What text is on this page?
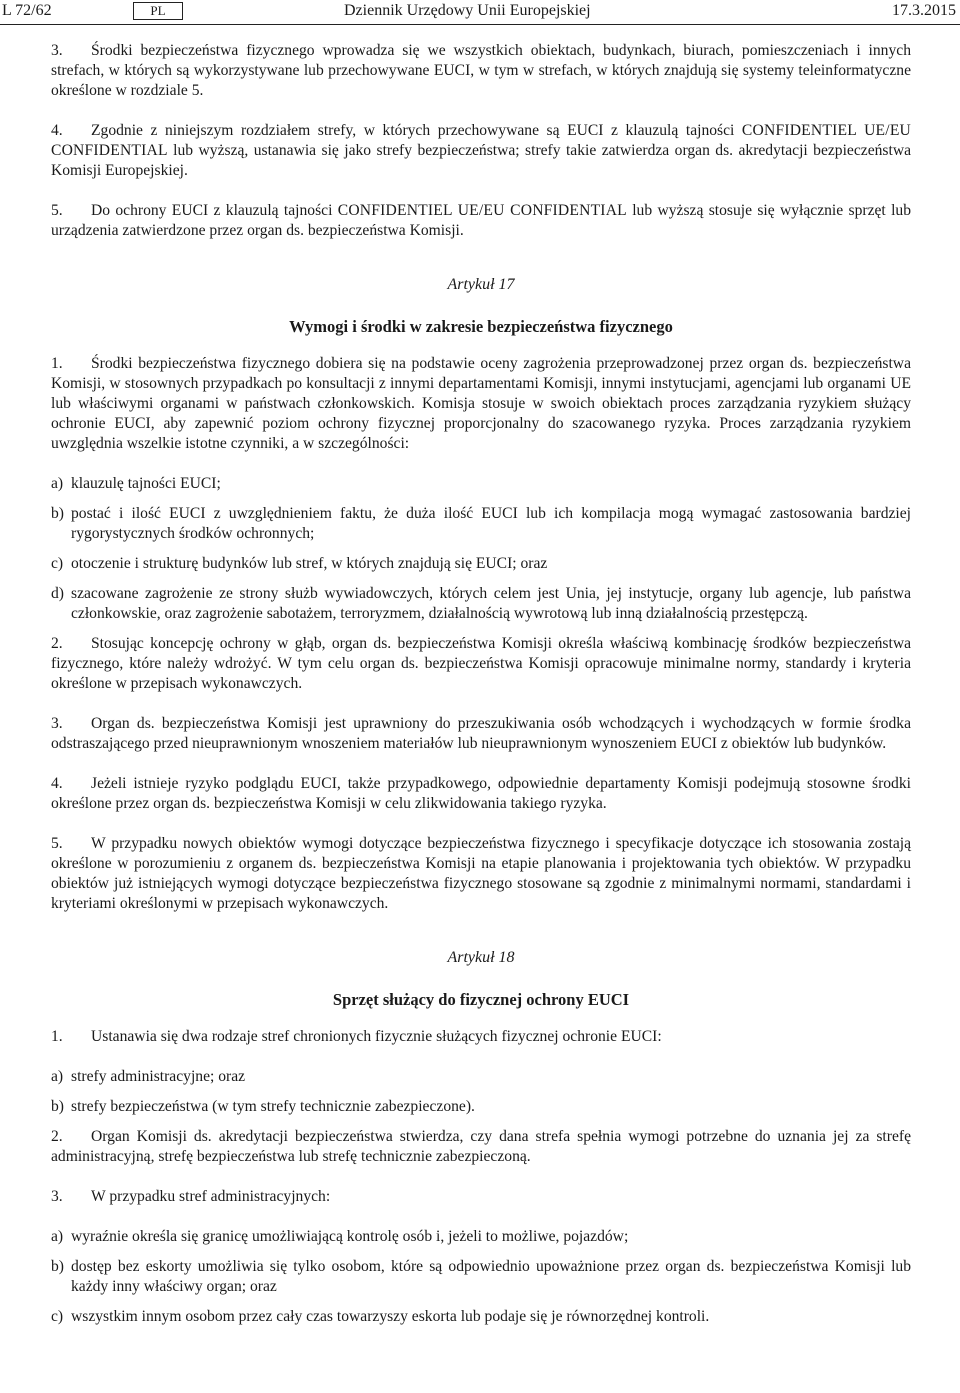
L 72/62	PL	Dziennik Urzędowy Unii Europejskiej	17.3.2015

3. Środki bezpieczeństwa fizycznego wprowadza się we wszystkich obiektach, budynkach, biurach, pomieszczeniach i innych strefach, w których są wykorzystywane lub przechowywane EUCI, w tym w strefach, w których znajdują się systemy teleinformatyczne określone w rozdziale 5.

4. Zgodnie z niniejszym rozdziałem strefy, w których przechowywane są EUCI z klauzulą tajności CONFIDENTIEL UE/EU CONFIDENTIAL lub wyższą, ustanawia się jako strefy bezpieczeństwa; strefy takie zatwierdza organ ds. akredytacji bezpieczeństwa Komisji Europejskiej.

5. Do ochrony EUCI z klauzulą tajności CONFIDENTIEL UE/EU CONFIDENTIAL lub wyższą stosuje się wyłącznie sprzęt lub urządzenia zatwierdzone przez organ ds. bezpieczeństwa Komisji.

Artykuł 17

Wymogi i środki w zakresie bezpieczeństwa fizycznego

1. Środki bezpieczeństwa fizycznego dobiera się na podstawie oceny zagrożenia przeprowadzonej przez organ ds. bezpieczeństwa Komisji, w stosownych przypadkach po konsultacji z innymi departamentami Komisji, innymi instytucjami, agencjami lub organami UE lub właściwymi organami w państwach członkowskich. Komisja stosuje w swoich obiektach proces zarządzania ryzykiem służący ochronie EUCI, aby zapewnić poziom ochrony fizycznej proporcjonalny do szacowanego ryzyka. Proces zarządzania ryzykiem uwzględnia wszelkie istotne czynniki, a w szczególności:

a) klauzulę tajności EUCI;
b) postać i ilość EUCI z uwzględnieniem faktu, że duża ilość EUCI lub ich kompilacja mogą wymagać zastosowania bardziej rygorystycznych środków ochronnych;
c) otoczenie i strukturę budynków lub stref, w których znajdują się EUCI; oraz
d) szacowane zagrożenie ze strony służb wywiadowczych, których celem jest Unia, jej instytucje, organy lub agencje, lub państwa członkowskie, oraz zagrożenie sabotażem, terroryzmem, działalnością wywrotową lub inną działalnością przestępczą.

2. Stosując koncepcję ochrony w głąb, organ ds. bezpieczeństwa Komisji określa właściwą kombinację środków bezpieczeństwa fizycznego, które należy wdrożyć. W tym celu organ ds. bezpieczeństwa Komisji opracowuje minimalne normy, standardy i kryteria określone w przepisach wykonawczych.

3. Organ ds. bezpieczeństwa Komisji jest uprawniony do przeszukiwania osób wchodzących i wychodzących w formie środka odstraszającego przed nieuprawnionym wnoszeniem materiałów lub nieuprawnionym wynoszeniem EUCI z obiektów lub budynków.

4. Jeżeli istnieje ryzyko podglądu EUCI, także przypadkowego, odpowiednie departamenty Komisji podejmują stosowne środki określone przez organ ds. bezpieczeństwa Komisji w celu zlikwidowania takiego ryzyka.

5. W przypadku nowych obiektów wymogi dotyczące bezpieczeństwa fizycznego i specyfikacje dotyczące ich stosowania zostają określone w porozumieniu z organem ds. bezpieczeństwa Komisji na etapie planowania i projektowania tych obiektów. W przypadku obiektów już istniejących wymogi dotyczące bezpieczeństwa fizycznego stosowane są zgodnie z minimalnymi normami, standardami i kryteriami określonymi w przepisach wykonawczych.

Artykuł 18

Sprzęt służący do fizycznej ochrony EUCI

1. Ustanawia się dwa rodzaje stref chronionych fizycznie służących fizycznej ochronie EUCI:

a) strefy administracyjne; oraz
b) strefy bezpieczeństwa (w tym strefy technicznie zabezpieczone).

2. Organ Komisji ds. akredytacji bezpieczeństwa stwierdza, czy dana strefa spełnia wymogi potrzebne do uznania jej za strefę administracyjną, strefę bezpieczeństwa lub strefę technicznie zabezpieczoną.

3. W przypadku stref administracyjnych:

a) wyraźnie określa się granicę umożliwiającą kontrolę osób i, jeżeli to możliwe, pojazdów;
b) dostęp bez eskorty umożliwia się tylko osobom, które są odpowiednio upoważnione przez organ ds. bezpieczeństwa Komisji lub każdy inny właściwy organ; oraz
c) wszystkim innym osobom przez cały czas towarzyszy eskorta lub podaje się je równorzędnej kontroli.
